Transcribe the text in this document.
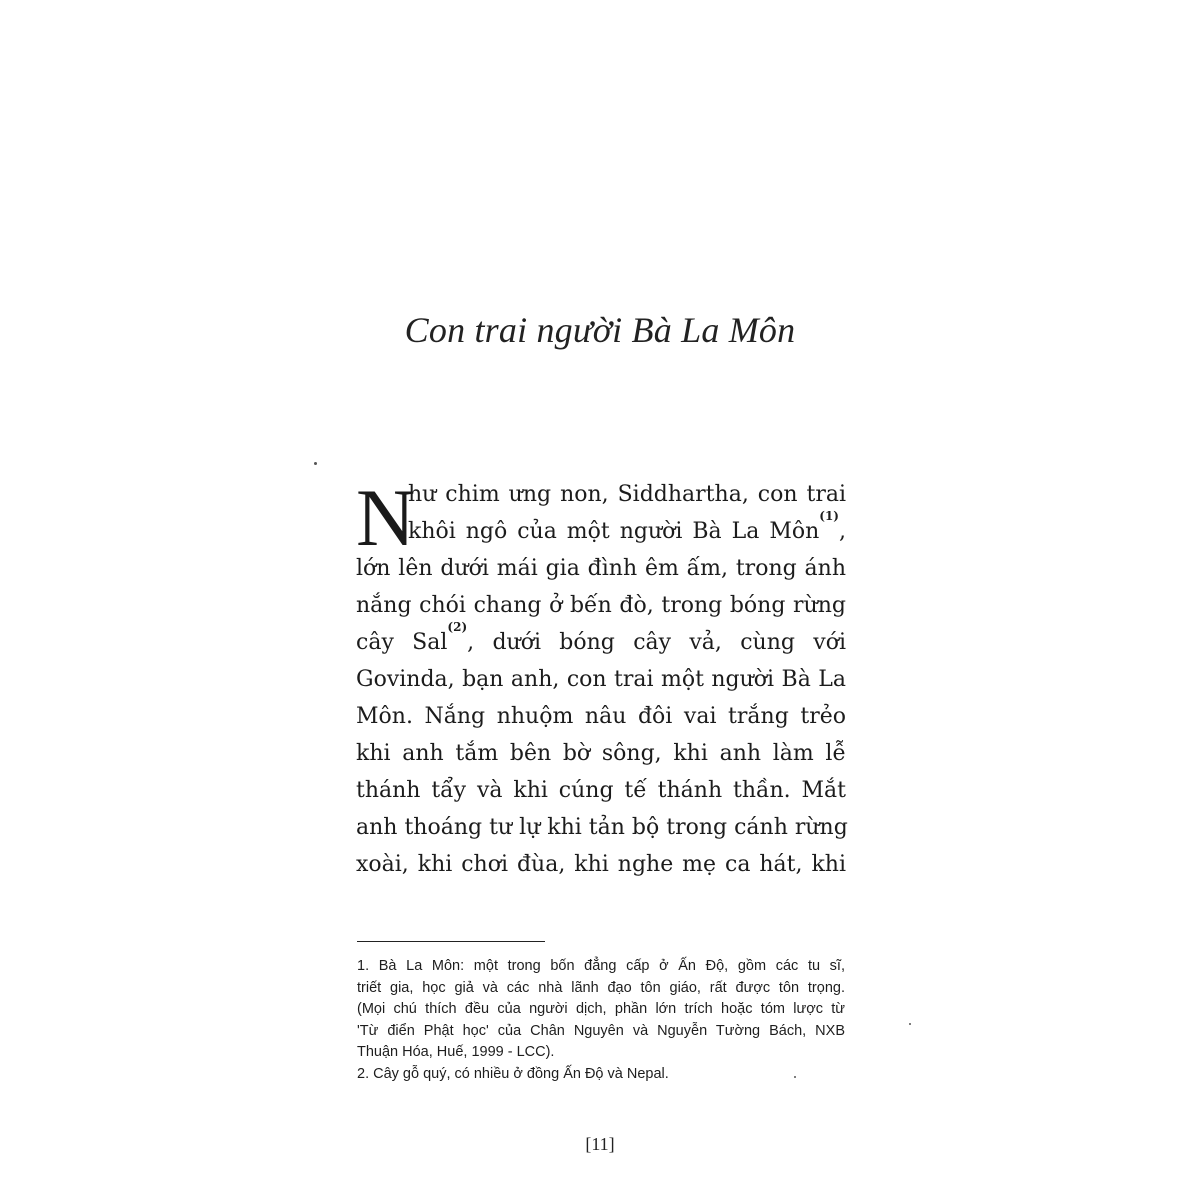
Con trai người Bà La Môn
N
hư chim ưng non, Siddhartha, con trai
khôi ngô của một người Bà La Môn$^{(1)}$,
lớn lên dưới mái gia đình êm ấm, trong ánh
nắng chói chang ở bến đò, trong bóng rừng
cây Sal$^{(2)}$, dưới bóng cây vả, cùng với
Govinda, bạn anh, con trai một người Bà La
Môn. Nắng nhuộm nâu đôi vai trắng trẻo
khi anh tắm bên bờ sông, khi anh làm lễ
thánh tẩy và khi cúng tế thánh thần. Mắt
anh thoáng tư lự khi tản bộ trong cánh rừng
xoài, khi chơi đùa, khi nghe mẹ ca hát, khi
1. Bà La Môn: một trong bốn đẳng cấp ở Ấn Độ, gồm các tu sĩ,
triết gia, học giả và các nhà lãnh đạo tôn giáo, rất được tôn trọng.
(Mọi chú thích đều của người dịch, phần lớn trích hoặc tóm lược từ
'Từ điển Phật học' của Chân Nguyên và Nguyễn Tường Bách, NXB
Thuận Hóa, Huế, 1999 - LCC).
2. Cây gỗ quý, có nhiều ở đồng Ấn Độ và Nepal.
[11]
